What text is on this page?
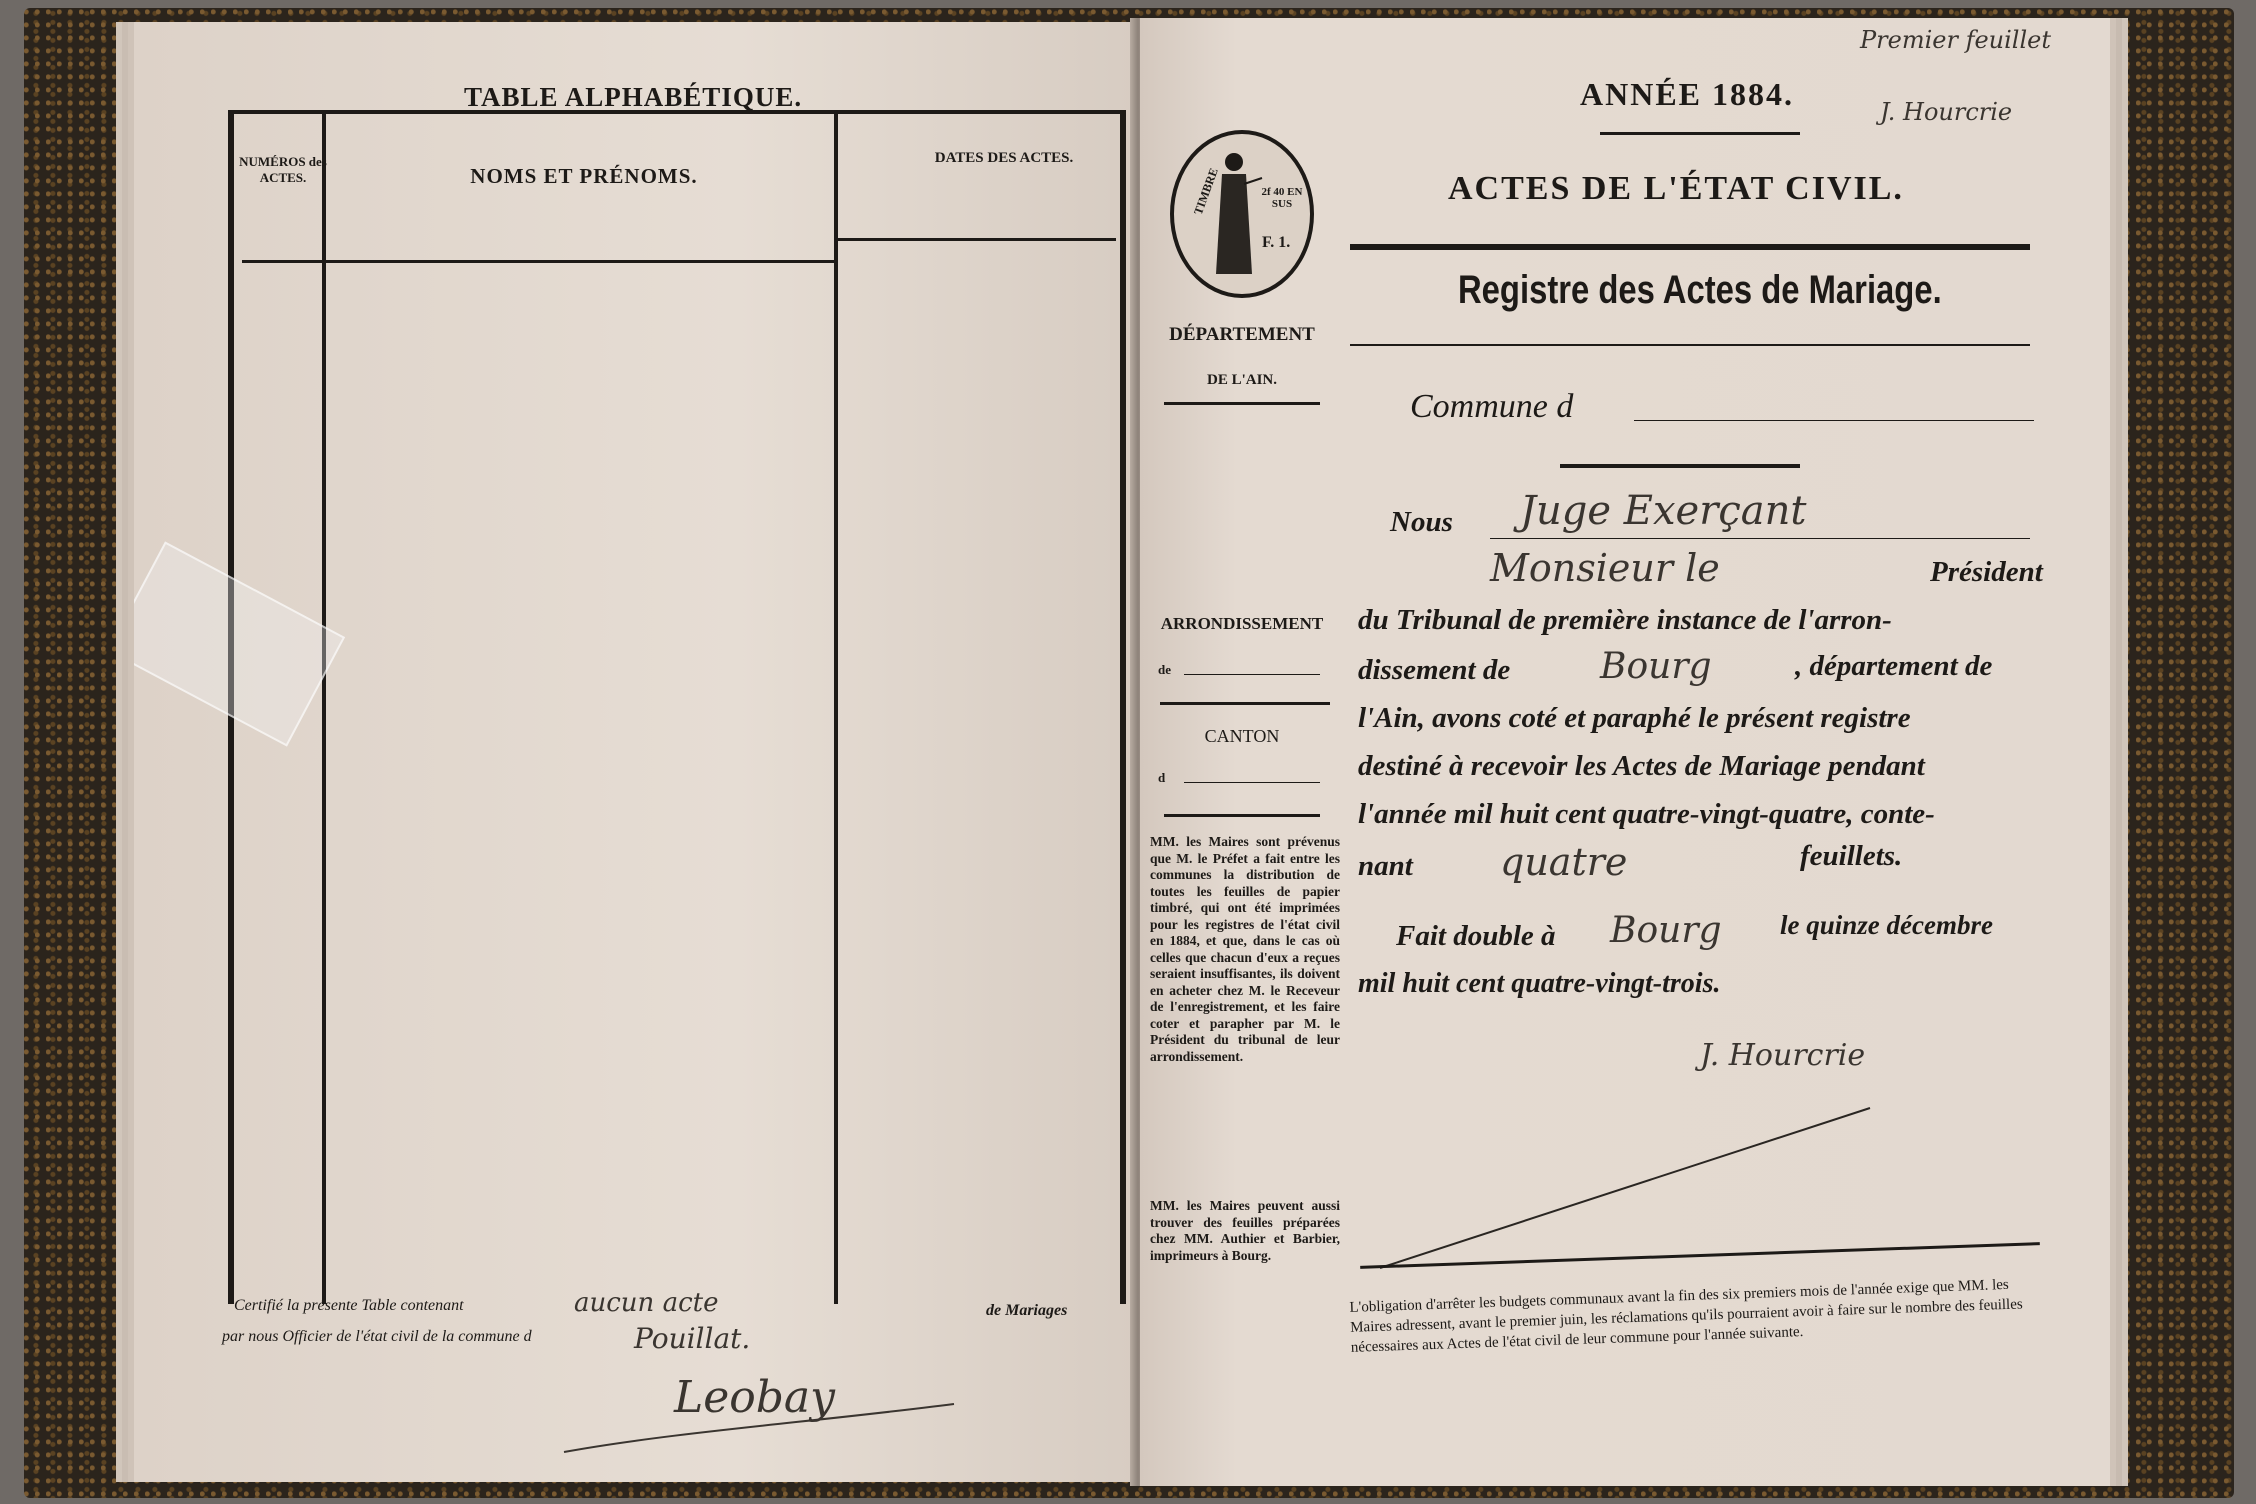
TABLE ALPHABÉTIQUE.
NUMÉROS des ACTES.	NOMS ET PRÉNOMS.
DATES DES ACTES.
Certifié la présente Table contenant	aucun acte
par nous Officier de l'état civil de la commune d	Pouillat.
de Mariages
Leobay
Premier feuillet
J. Hourcrie
ANNÉE 1884.
ACTES DE L'ÉTAT CIVIL.
Registre des Actes de Mariage.
TIMBRE	2f 40 EN SUS
F. 1.
Commune d
DÉPARTEMENT
DE L'AIN.
ARRONDISSEMENT
de
CANTON
d
MM. les Maires sont prévenus que M. le Préfet a fait entre les communes la distribution de toutes les feuilles de papier timbré, qui ont été imprimées pour les registres de l'état civil en 1884, et que, dans le cas où celles que chacun d'eux a reçues seraient insuffisantes, ils doivent en acheter chez M. le Receveur de l'enregistrement, et les faire coter et parapher par M. le Président du tribunal de leur arrondissement.
MM. les Maires peuvent aussi trouver des feuilles préparées chez MM. Authier et Barbier, imprimeurs à Bourg.
Nous Juge Exerçant
Monsieur le	Président
du Tribunal de première instance de l'arron-
dissement de Bourg	, département de
l'Ain, avons coté et paraphé le présent registre
destiné à recevoir les Actes de Mariage pendant
l'année mil huit cent quatre-vingt-quatre, conte-
nant quatre	feuillets.
Fait double à Bourg le quinze décembre
mil huit cent quatre-vingt-trois.
J. Hourcrie
L'obligation d'arrêter les budgets communaux avant la fin des six premiers mois de l'année exige que MM. les Maires adressent, avant le premier juin, les réclamations qu'ils pourraient avoir à faire sur le nombre des feuilles nécessaires aux Actes de l'état civil de leur commune pour l'année suivante.
